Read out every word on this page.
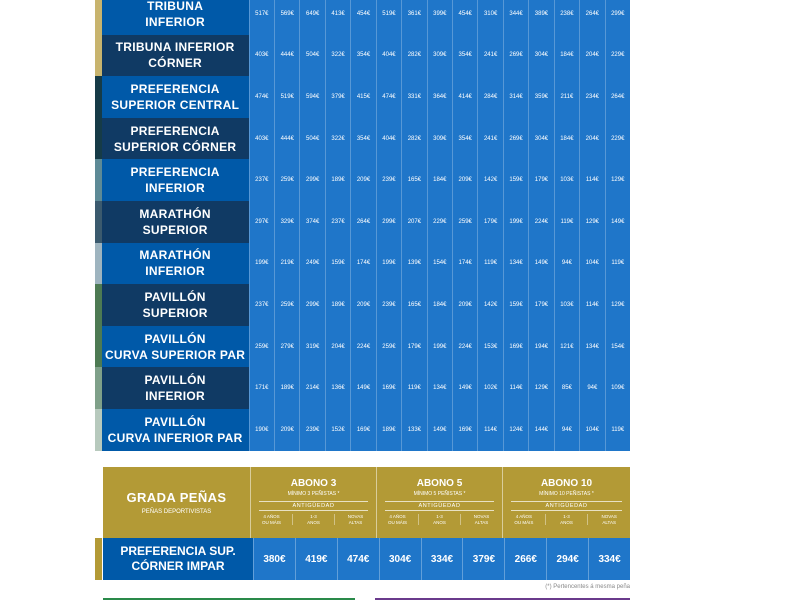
	TRIBUNA
INFERIOR	517€	569€	649€	413€	454€	519€	361€	399€	454€	310€	344€	389€	238€	264€	299€

	TRIBUNA INFERIOR
CÓRNER	403€	444€	504€	322€	354€	404€	282€	309€	354€	241€	269€	304€	184€	204€	229€

	PREFERENCIA
SUPERIOR CENTRAL	474€	519€	594€	379€	415€	474€	331€	364€	414€	284€	314€	359€	211€	234€	264€

	PREFERENCIA
SUPERIOR CÓRNER	403€	444€	504€	322€	354€	404€	282€	309€	354€	241€	269€	304€	184€	204€	229€

	PREFERENCIA
INFERIOR	237€	259€	299€	189€	209€	239€	165€	184€	209€	142€	159€	179€	103€	114€	129€

	MARATHÓN
SUPERIOR	297€	329€	374€	237€	264€	299€	207€	229€	259€	179€	199€	224€	119€	129€	149€

	MARATHÓN
INFERIOR	199€	219€	249€	159€	174€	199€	139€	154€	174€	119€	134€	149€	94€	104€	119€

	PAVILLÓN
SUPERIOR	237€	259€	299€	189€	209€	239€	165€	184€	209€	142€	159€	179€	103€	114€	129€

	PAVILLÓN
CURVA SUPERIOR PAR	259€	279€	319€	204€	224€	259€	179€	199€	224€	153€	169€	194€	121€	134€	154€

	PAVILLÓN
INFERIOR	171€	189€	214€	136€	149€	169€	119€	134€	149€	102€	114€	129€	85€	94€	109€

	PAVILLÓN
CURVA INFERIOR PAR	190€	209€	239€	152€	169€	189€	133€	149€	169€	114€	124€	144€	94€	104€	119€
GRADA PEÑAS
PEÑAS DEPORTIVISTAS
ABONO 3
MÍNIMO 3 PEÑISTAS *
ANTIGÜEDAD
4 AÑOS
OU MÁIS
1-3
ANOS
NOVAS
ALTAS
ABONO 5
MÍNIMO 5 PEÑISTAS *
ANTIGÜEDAD
4 AÑOS
OU MÁIS
1-3
ANOS
NOVAS
ALTAS
ABONO 10
MÍNIMO 10 PEÑISTAS *
ANTIGÜEDAD
4 AÑOS
OU MÁIS
1-3
ANOS
NOVAS
ALTAS
PREFERENCIA SUP.
CÓRNER IMPAR	380€	419€	474€	304€	334€	379€	266€	294€	334€
(*) Pertencentes á mesma peña
